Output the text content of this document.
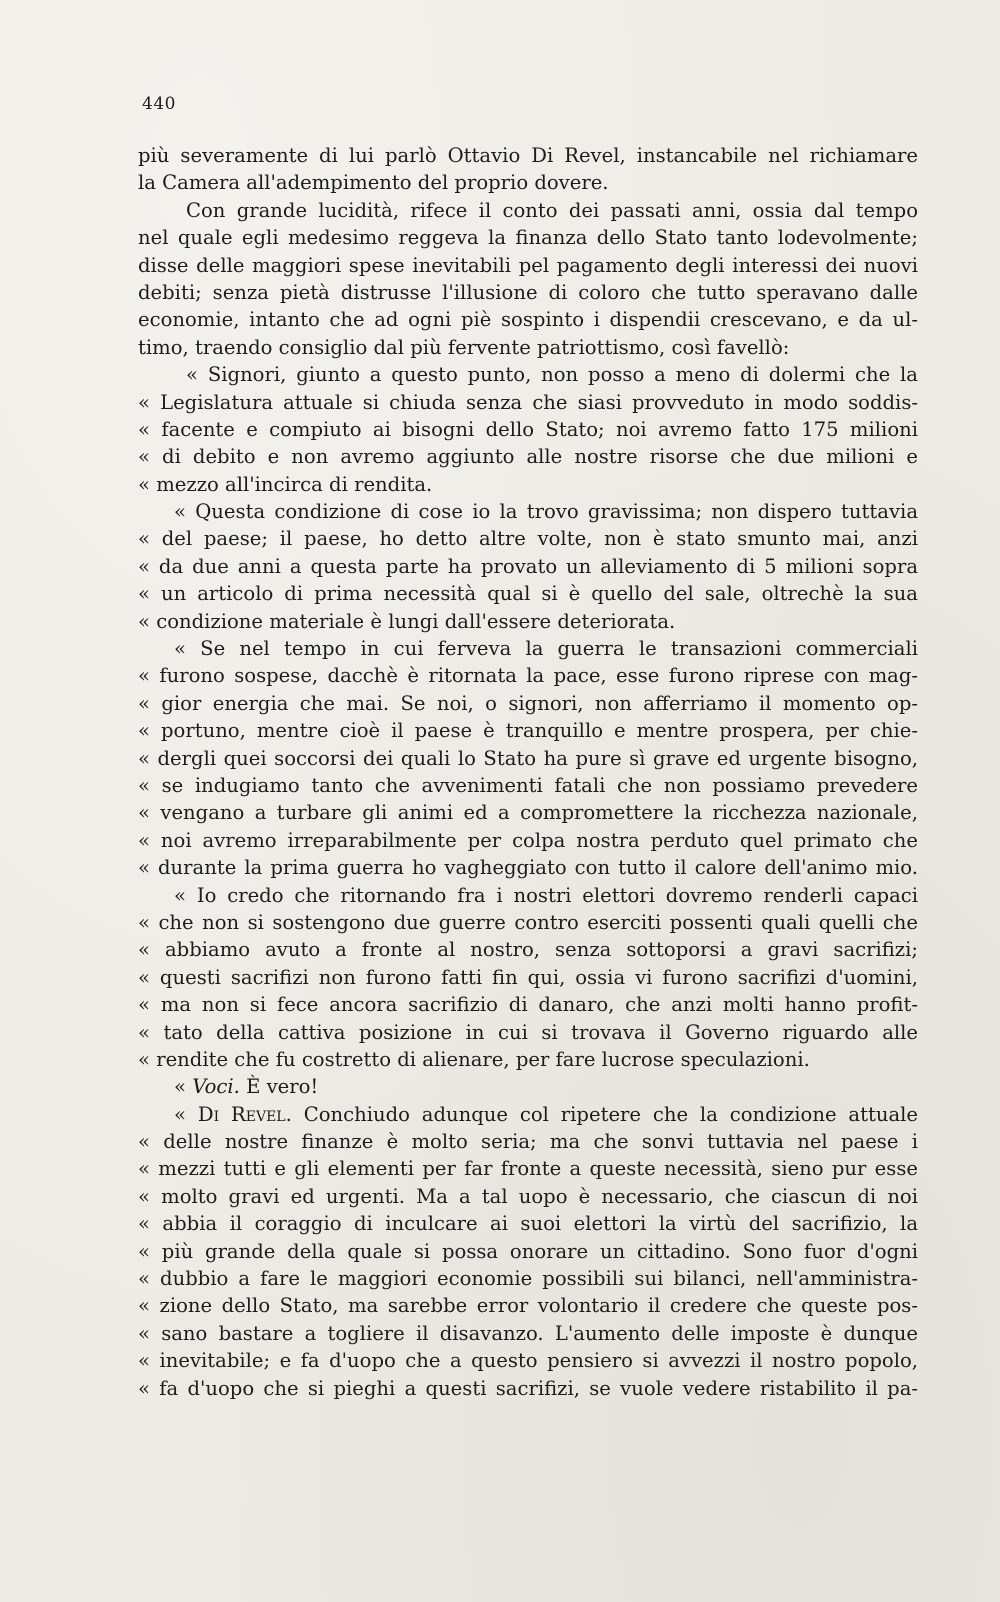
440
più severamente di lui parlò Ottavio Di Revel, instancabile nel richiamare
la Camera all'adempimento del proprio dovere.
Con grande lucidità, rifece il conto dei passati anni, ossia dal tempo
nel quale egli medesimo reggeva la finanza dello Stato tanto lodevolmente;
disse delle maggiori spese inevitabili pel pagamento degli interessi dei nuovi
debiti; senza pietà distrusse l'illusione di coloro che tutto speravano dalle
economie, intanto che ad ogni piè sospinto i dispendii crescevano, e da ul-
timo, traendo consiglio dal più fervente patriottismo, così favellò:
« Signori, giunto a questo punto, non posso a meno di dolermi che la
« Legislatura attuale si chiuda senza che siasi provveduto in modo soddis-
« facente e compiuto ai bisogni dello Stato; noi avremo fatto 175 milioni
« di debito e non avremo aggiunto alle nostre risorse che due milioni e
« mezzo all'incirca di rendita.
« Questa condizione di cose io la trovo gravissima; non dispero tuttavia
« del paese; il paese, ho detto altre volte, non è stato smunto mai, anzi
« da due anni a questa parte ha provato un alleviamento di 5 milioni sopra
« un articolo di prima necessità qual si è quello del sale, oltrechè la sua
« condizione materiale è lungi dall'essere deteriorata.
« Se nel tempo in cui ferveva la guerra le transazioni commerciali
« furono sospese, dacchè è ritornata la pace, esse furono riprese con mag-
« gior energia che mai. Se noi, o signori, non afferriamo il momento op-
« portuno, mentre cioè il paese è tranquillo e mentre prospera, per chie-
« dergli quei soccorsi dei quali lo Stato ha pure sì grave ed urgente bisogno,
« se indugiamo tanto che avvenimenti fatali che non possiamo prevedere
« vengano a turbare gli animi ed a compromettere la ricchezza nazionale,
« noi avremo irreparabilmente per colpa nostra perduto quel primato che
« durante la prima guerra ho vagheggiato con tutto il calore dell'animo mio.
« Io credo che ritornando fra i nostri elettori dovremo renderli capaci
« che non si sostengono due guerre contro eserciti possenti quali quelli che
« abbiamo avuto a fronte al nostro, senza sottoporsi a gravi sacrifizi;
« questi sacrifizi non furono fatti fin qui, ossia vi furono sacrifizi d'uomini,
« ma non si fece ancora sacrifizio di danaro, che anzi molti hanno profit-
« tato della cattiva posizione in cui si trovava il Governo riguardo alle
« rendite che fu costretto di alienare, per fare lucrose speculazioni.
« Voci. È vero!
« Di Revel. Conchiudo adunque col ripetere che la condizione attuale
« delle nostre finanze è molto seria; ma che sonvi tuttavia nel paese i
« mezzi tutti e gli elementi per far fronte a queste necessità, sieno pur esse
« molto gravi ed urgenti. Ma a tal uopo è necessario, che ciascun di noi
« abbia il coraggio di inculcare ai suoi elettori la virtù del sacrifizio, la
« più grande della quale si possa onorare un cittadino. Sono fuor d'ogni
« dubbio a fare le maggiori economie possibili sui bilanci, nell'amministra-
« zione dello Stato, ma sarebbe error volontario il credere che queste pos-
« sano bastare a togliere il disavanzo. L'aumento delle imposte è dunque
« inevitabile; e fa d'uopo che a questo pensiero si avvezzi il nostro popolo,
« fa d'uopo che si pieghi a questi sacrifizi, se vuole vedere ristabilito il pa-
